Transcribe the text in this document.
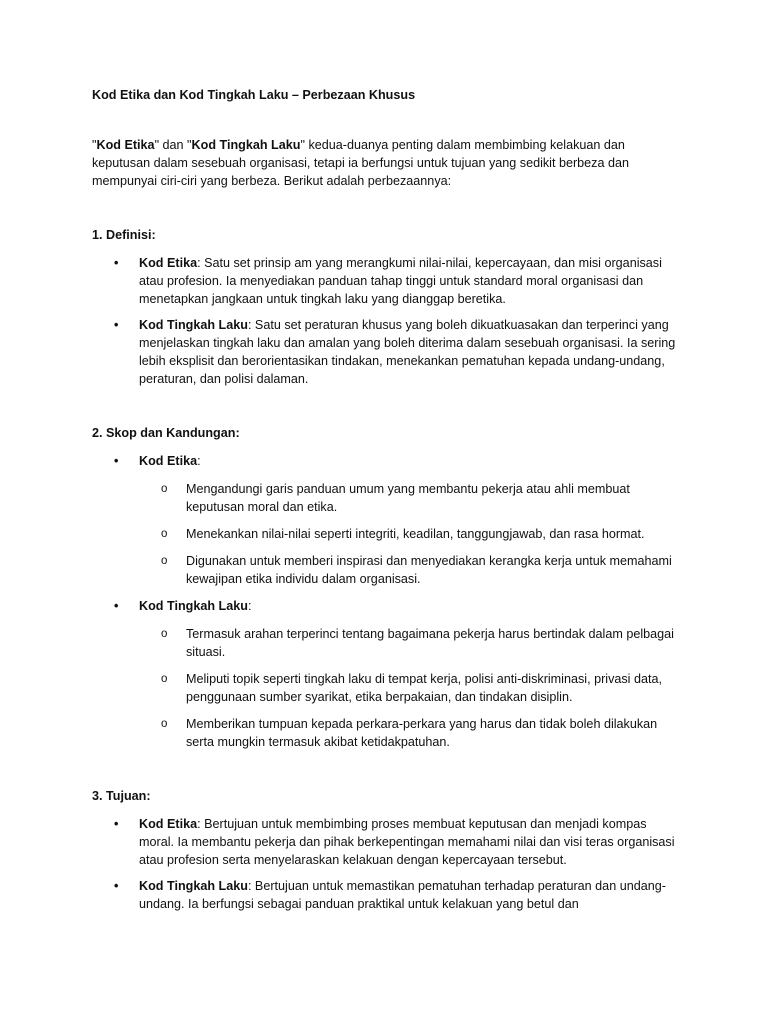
Kod Etika dan Kod Tingkah Laku – Perbezaan Khusus

"Kod Etika" dan "Kod Tingkah Laku" kedua-duanya penting dalam membimbing kelakuan dan keputusan dalam sesebuah organisasi, tetapi ia berfungsi untuk tujuan yang sedikit berbeza dan mempunyai ciri-ciri yang berbeza. Berikut adalah perbezaannya:

1. Definisi:

• Kod Etika: Satu set prinsip am yang merangkumi nilai-nilai, kepercayaan, dan misi organisasi atau profesion. Ia menyediakan panduan tahap tinggi untuk standard moral organisasi dan menetapkan jangkaan untuk tingkah laku yang dianggap beretika.
• Kod Tingkah Laku: Satu set peraturan khusus yang boleh dikuatkuasakan dan terperinci yang menjelaskan tingkah laku dan amalan yang boleh diterima dalam sesebuah organisasi. Ia sering lebih eksplisit dan berorientasikan tindakan, menekankan pematuhan kepada undang-undang, peraturan, dan polisi dalaman.

2. Skop dan Kandungan:

• Kod Etika:
o Mengandungi garis panduan umum yang membantu pekerja atau ahli membuat keputusan moral dan etika.
o Menekankan nilai-nilai seperti integriti, keadilan, tanggungjawab, dan rasa hormat.
o Digunakan untuk memberi inspirasi dan menyediakan kerangka kerja untuk memahami kewajipan etika individu dalam organisasi.
• Kod Tingkah Laku:
o Termasuk arahan terperinci tentang bagaimana pekerja harus bertindak dalam pelbagai situasi.
o Meliputi topik seperti tingkah laku di tempat kerja, polisi anti-diskriminasi, privasi data, penggunaan sumber syarikat, etika berpakaian, dan tindakan disiplin.
o Memberikan tumpuan kepada perkara-perkara yang harus dan tidak boleh dilakukan serta mungkin termasuk akibat ketidakpatuhan.

3. Tujuan:

• Kod Etika: Bertujuan untuk membimbing proses membuat keputusan dan menjadi kompas moral. Ia membantu pekerja dan pihak berkepentingan memahami nilai dan visi teras organisasi atau profesion serta menyelaraskan kelakuan dengan kepercayaan tersebut.
• Kod Tingkah Laku: Bertujuan untuk memastikan pematuhan terhadap peraturan dan undang-undang. Ia berfungsi sebagai panduan praktikal untuk kelakuan yang betul dan
